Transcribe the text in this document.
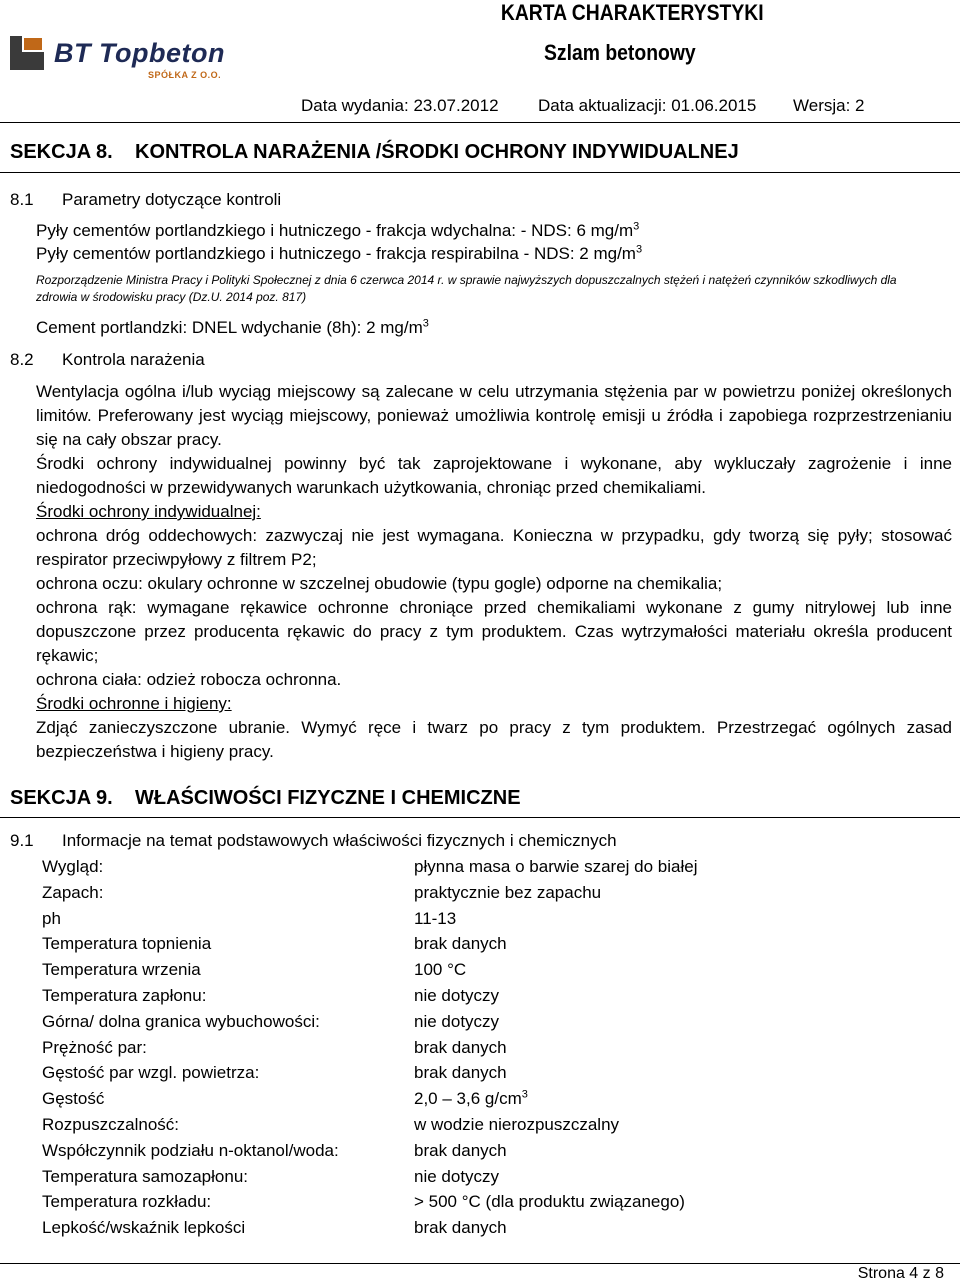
BT Topbeton
SPÓŁKA Z O.O.
KARTA CHARAKTERYSTYKI
Szlam betonowy
Data wydania: 23.07.2012 Data aktualizacji: 01.06.2015 Wersja: 2
SEKCJA 8. KONTROLA NARAŻENIA /ŚRODKI OCHRONY INDYWIDUALNEJ
8.1 Parametry dotyczące kontroli
Pyły cementów portlandzkiego i hutniczego - frakcja wdychalna: - NDS: 6 $mg/m^3$
Pyły cementów portlandzkiego i hutniczego - frakcja respirabilna - NDS: 2 $mg/m^3$
Rozporządzenie Ministra Pracy i Polityki Społecznej z dnia 6 czerwca 2014 r. w sprawie najwyższych dopuszczalnych stężeń i natężeń czynników szkodliwych dla zdrowia w środowisku pracy (Dz.U. 2014 poz. 817)
Cement portlandzki: DNEL wdychanie (8h): 2 $mg/m^3$
8.2 Kontrola narażenia
Wentylacja ogólna i/lub wyciąg miejscowy są zalecane w celu utrzymania stężenia par w powietrzu poniżej określonych limitów. Preferowany jest wyciąg miejscowy, ponieważ umożliwia kontrolę emisji u źródła i zapobiega rozprzestrzenianiu się na cały obszar pracy.
Środki ochrony indywidualnej powinny być tak zaprojektowane i wykonane, aby wykluczały zagrożenie i inne niedogodności w przewidywanych warunkach użytkowania, chroniąc przed chemikaliami.
Środki ochrony indywidualnej:
ochrona dróg oddechowych: zazwyczaj nie jest wymagana. Konieczna w przypadku, gdy tworzą się pyły; stosować respirator przeciwpyłowy z filtrem P2;
ochrona oczu: okulary ochronne w szczelnej obudowie (typu gogle) odporne na chemikalia;
ochrona rąk: wymagane rękawice ochronne chroniące przed chemikaliami wykonane z gumy nitrylowej lub inne dopuszczone przez producenta rękawic do pracy z tym produktem. Czas wytrzymałości materiału określa producent rękawic;
ochrona ciała: odzież robocza ochronna.
Środki ochronne i higieny:
Zdjąć zanieczyszczone ubranie. Wymyć ręce i twarz po pracy z tym produktem. Przestrzegać ogólnych zasad bezpieczeństwa i higieny pracy.
SEKCJA 9. WŁAŚCIWOŚCI FIZYCZNE I CHEMICZNE
9.1 Informacje na temat podstawowych właściwości fizycznych i chemicznych
Wygląd:	płynna masa o barwie szarej do białej
Zapach:	praktycznie bez zapachu
ph	11-13
Temperatura topnienia	brak danych
Temperatura wrzenia	100 °C
Temperatura zapłonu:	nie dotyczy
Górna/ dolna granica wybuchowości:	nie dotyczy
Prężność par:	brak danych
Gęstość par wzgl. powietrza:	brak danych
Gęstość	2,0 – 3,6 $g/cm^3$
Rozpuszczalność:	w wodzie nierozpuszczalny
Współczynnik podziału n-oktanol/woda:	brak danych
Temperatura samozapłonu:	nie dotyczy
Temperatura rozkładu:	> 500 °C (dla produktu związanego)
Lepkość/wskaźnik lepkości	brak danych
Strona 4 z 8
